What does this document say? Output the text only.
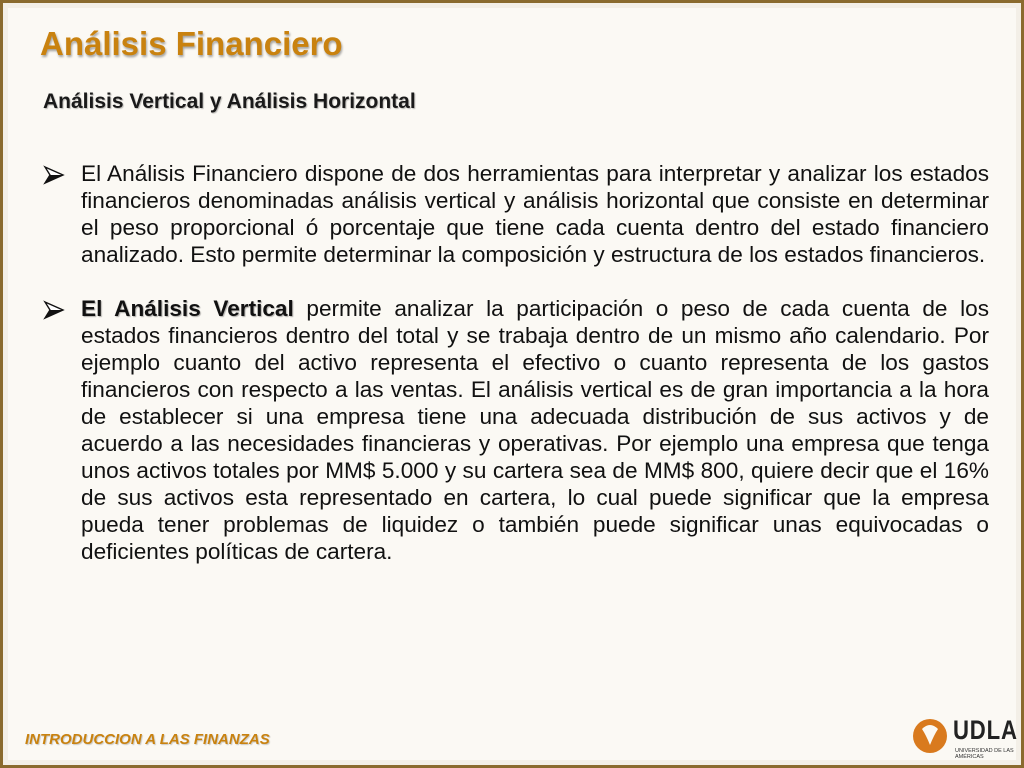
Análisis Financiero
Análisis Vertical y Análisis Horizontal
El Análisis Financiero dispone de dos herramientas para interpretar y analizar los estados financieros denominadas análisis vertical y análisis horizontal que consiste en determinar el peso proporcional ó porcentaje que tiene cada cuenta dentro del estado financiero analizado. Esto permite determinar la composición y estructura de los estados financieros.
El Análisis Vertical permite analizar la participación o peso de cada cuenta de los estados financieros dentro del total y se trabaja dentro de un mismo año calendario. Por ejemplo cuanto del activo representa el efectivo o cuanto representa de los gastos financieros con respecto a las ventas. El análisis vertical es de gran importancia a la hora de establecer si una empresa tiene una adecuada distribución de sus activos y de acuerdo a las necesidades financieras y operativas. Por ejemplo una empresa que tenga unos activos totales por MM$ 5.000 y su cartera sea de MM$ 800, quiere decir que el 16% de sus activos esta representado en cartera, lo cual puede significar que la empresa pueda tener problemas de liquidez o también puede significar unas equivocadas o deficientes políticas de cartera.
INTRODUCCION A LAS FINANZAS	UDLA
UNIVERSIDAD DE LAS AMÉRICAS
